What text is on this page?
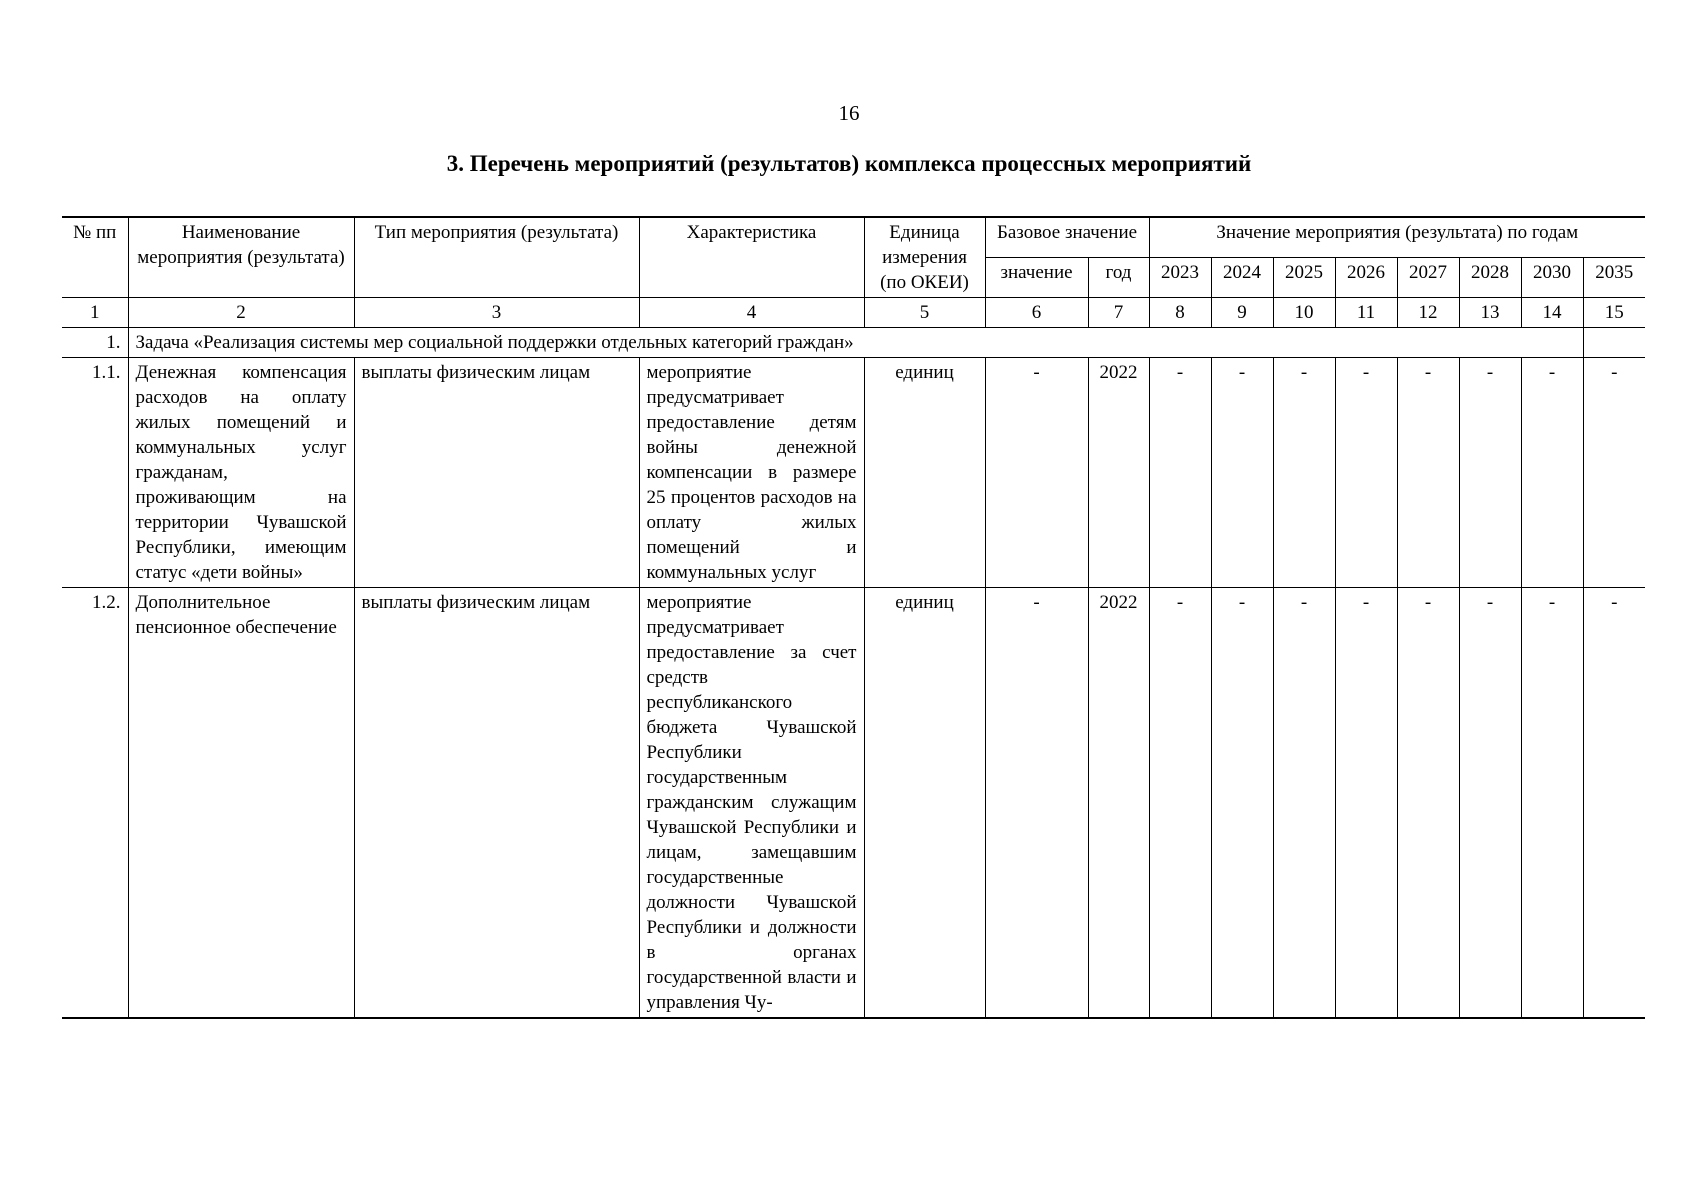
16
3. Перечень мероприятий (результатов) комплекса процессных мероприятий
№ пп	Наименование мероприятия (результата)	Тип мероприятия (результата)	Характеристика	Единица измерения (по ОКЕИ)	Базовое значение		Значение мероприятия (результата) по годам							
					значение	год	2023	2024	2025	2026	2027	2028	2030	2035
1	2	3	4	5	6	7	8	9	10	11	12	13	14	15
1.	Задача «Реализация системы мер социальной поддержки отдельных категорий граждан»													
1.1.	Денежная компенсация расходов на оплату жилых помещений и коммунальных услуг гражданам, проживающим на территории Чувашской Республики, имеющим статус «дети войны»	выплаты физическим лицам	мероприятие предусматривает предоставление детям войны денежной компенсации в размере 25 процентов расходов на оплату жилых помещений и коммунальных услуг	единиц	-	2022	-	-	-	-	-	-	-	-
1.2.	Дополнительное пенсионное обеспечение	выплаты физическим лицам	мероприятие предусматривает предоставление за счет средств республиканского бюджета Чувашской Республики государственным гражданским служащим Чувашской Республики и лицам, замещавшим государственные должности Чувашской Республики и должности в органах государственной власти и управления Чу-	единиц	-	2022	-	-	-	-	-	-	-	-
